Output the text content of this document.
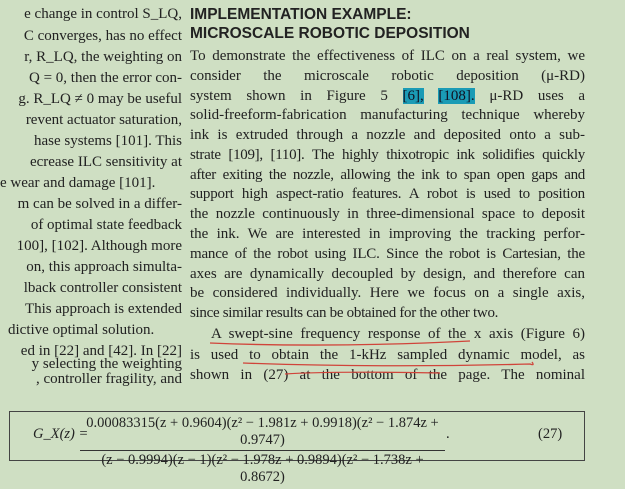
e change in control S_LQ,
C converges, has no effect
r, R_LQ, the weighting on
Q = 0, then the error con-
g. R_LQ ≠ 0 may be useful
revent actuator saturation,
hase systems [101]. This
ecrease ILC sensitivity at
e wear and damage [101].
m can be solved in a differ-
of optimal state feedback
100], [102]. Although more
on, this approach simulta-
lback controller consistent
This approach is extended
dictive optimal solution.
ed in [22] and [42]. In [22]
y selecting the weighting
, controller fragility, and
IMPLEMENTATION EXAMPLE:
MICROSCALE ROBOTIC DEPOSITION
To demonstrate the effectiveness of ILC on a real system, we
consider the microscale robotic deposition (μ-RD)
system shown in Figure 5 [6], [108]. μ-RD uses a
solid-freeform-fabrication manufacturing technique whereby
ink is extruded through a nozzle and deposited onto a sub-
strate [109], [110]. The highly thixotropic ink solidifies quickly
after exiting the nozzle, allowing the ink to span open gaps and
support high aspect-ratio features. A robot is used to position
the nozzle continuously in three-dimensional space to deposit
the ink. We are interested in improving the tracking perfor-
mance of the robot using ILC. Since the robot is Cartesian, the
axes are dynamically decoupled by design, and therefore can
be considered individually. Here we focus on a single axis,
since similar results can be obtained for the other two.
A swept-sine frequency response of the x axis (Figure 6)
is used to obtain the 1-kHz sampled dynamic model, as
shown in (27) at the bottom of the page. The nominal
G_X(z) =
0.00083315(z + 0.9604)(z² − 1.981z + 0.9918)(z² − 1.874z + 0.9747)
(z − 0.9994)(z − 1)(z² − 1.978z + 0.9894)(z² − 1.738z + 0.8672)
.	(27)
